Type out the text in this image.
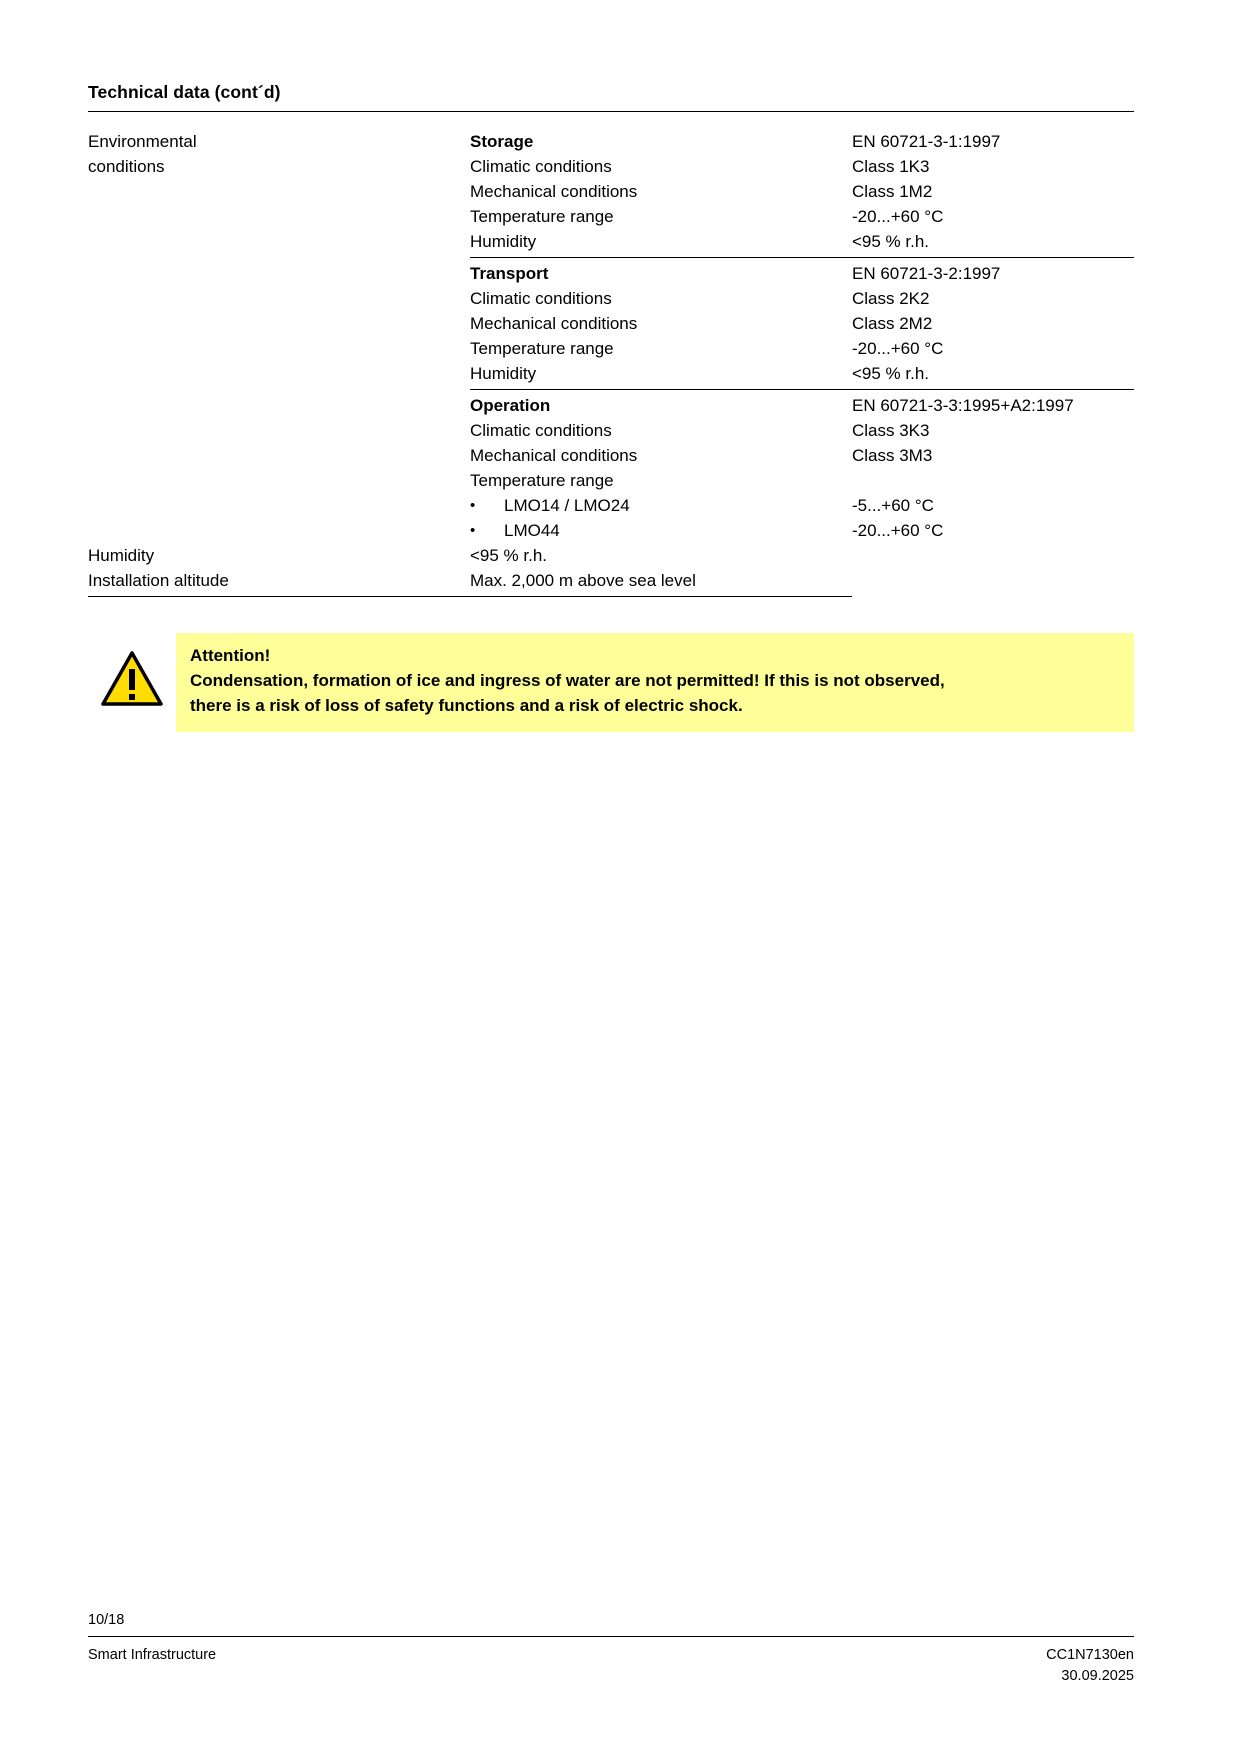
Technical data (cont´d)
Environmental
conditions	Storage	EN 60721-3-1:1997
	Climatic conditions	Class 1K3
	Mechanical conditions	Class 1M2
	Temperature range	-20...+60 °C
	Humidity	<95 % r.h.
	Transport	EN 60721-3-2:1997
	Climatic conditions	Class 2K2
	Mechanical conditions	Class 2M2
	Temperature range	-20...+60 °C
	Humidity	<95 % r.h.
	Operation	EN 60721-3-3:1995+A2:1997
	Climatic conditions	Class 3K3
	Mechanical conditions	Class 3M3
	Temperature range	

	• LMO14 / LMO24	-5...+60 °C

	• LMO44	-20...+60 °C
Humidity	<95 % r.h.	
Installation altitude	Max. 2,000 m above sea level	
Attention!
Condensation, formation of ice and ingress of water are not permitted! If this is not observed, there is a risk of loss of safety functions and a risk of electric shock.
10/18
Smart Infrastructure	CC1N7130en
30.09.2025
